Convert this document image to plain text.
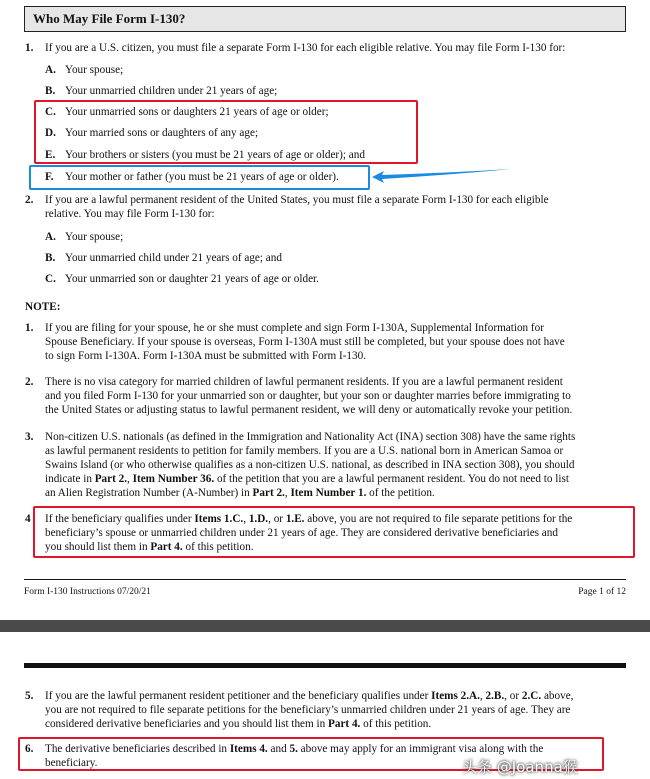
Who May File Form I-130?
1. If you are a U.S. citizen, you must file a separate Form I-130 for each eligible relative. You may file Form I-130 for:
A. Your spouse;
B. Your unmarried children under 21 years of age;
C. Your unmarried sons or daughters 21 years of age or older;
D. Your married sons or daughters of any age;
E. Your brothers or sisters (you must be 21 years of age or older); and
F. Your mother or father (you must be 21 years of age or older).
2. If you are a lawful permanent resident of the United States, you must file a separate Form I-130 for each eligible
relative. You may file Form I-130 for:
A. Your spouse;
B. Your unmarried child under 21 years of age; and
C. Your unmarried son or daughter 21 years of age or older.
NOTE:
1. If you are filing for your spouse, he or she must complete and sign Form I-130A, Supplemental Information for
Spouse Beneficiary. If your spouse is overseas, Form I-130A must still be completed, but your spouse does not have
to sign Form I-130A. Form I-130A must be submitted with Form I-130.
2. There is no visa category for married children of lawful permanent residents. If you are a lawful permanent resident
and you filed Form I-130 for your unmarried son or daughter, but your son or daughter marries before immigrating to
the United States or adjusting status to lawful permanent resident, we will deny or automatically revoke your petition.
3. Non-citizen U.S. nationals (as defined in the Immigration and Nationality Act (INA) section 308) have the same rights
as lawful permanent residents to petition for family members. If you are a U.S. national born in American Samoa or
Swains Island (or who otherwise qualifies as a non-citizen U.S. national, as described in INA section 308), you should
indicate in Part 2., Item Number 36. of the petition that you are a lawful permanent resident. You do not need to list
an Alien Registration Number (A-Number) in Part 2., Item Number 1. of the petition.
4 If the beneficiary qualifies under Items 1.C., 1.D., or 1.E. above, you are not required to file separate petitions for the
beneficiary’s spouse or unmarried children under 21 years of age. They are considered derivative beneficiaries and
you should list them in Part 4. of this petition.
Form I-130 Instructions 07/20/21	Page 1 of 12
5. If you are the lawful permanent resident petitioner and the beneficiary qualifies under Items 2.A., 2.B., or 2.C. above,
you are not required to file separate petitions for the beneficiary’s unmarried children under 21 years of age. They are
considered derivative beneficiaries and you should list them in Part 4. of this petition.
6. The derivative beneficiaries described in Items 4. and 5. above may apply for an immigrant visa along with the
beneficiary.	头条 @Joanna猴
